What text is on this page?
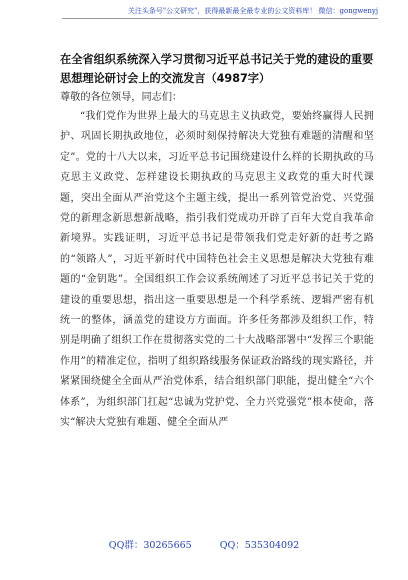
关注头条号"公文研究"，获得最新最全最专业的公文资料库！ 微信：gongwenyj
在全省组织系统深入学习贯彻习近平总书记关于党的建设的重要思想理论研讨会上的交流发言（4987字）
尊敬的各位领导，同志们：
“我们党作为世界上最大的马克思主义执政党，要始终赢得人民拥护、巩固长期执政地位，必须时刻保持解决大党独有难题的清醒和坚定”。党的十八大以来，习近平总书记围绕建设什么样的长期执政的马克思主义政党、怎样建设长期执政的马克思主义政党的重大时代课题，突出全面从严治党这个主题主线，提出一系列管党治党、兴党强党的新理念新思想新战略，指引我们党成功开辟了百年大党自我革命新境界。实践证明，习近平总书记是带领我们党走好新的赶考之路的“领路人”，习近平新时代中国特色社会主义思想是解决大党独有难题的“金钥匙”。全国组织工作会议系统阐述了习近平总书记关于党的建设的重要思想，指出这一重要思想是一个科学系统、逻辑严密有机统一的整体，涵盖党的建设方方面面。许多任务都涉及组织工作，特别是明确了组织工作在贯彻落实党的二十大战略部署中“发挥三个职能作用”的精准定位，指明了组织路线服务保证政治路线的现实路径，并紧紧围绕健全全面从严治党体系，结合组织部门职能，提出健全“六个体系”，为组织部门扛起“忠诚为党护党、全力兴党强党”根本使命，落实“解决大党独有难题、健全全面从严
QQ群：30265665	QQ：535304092
